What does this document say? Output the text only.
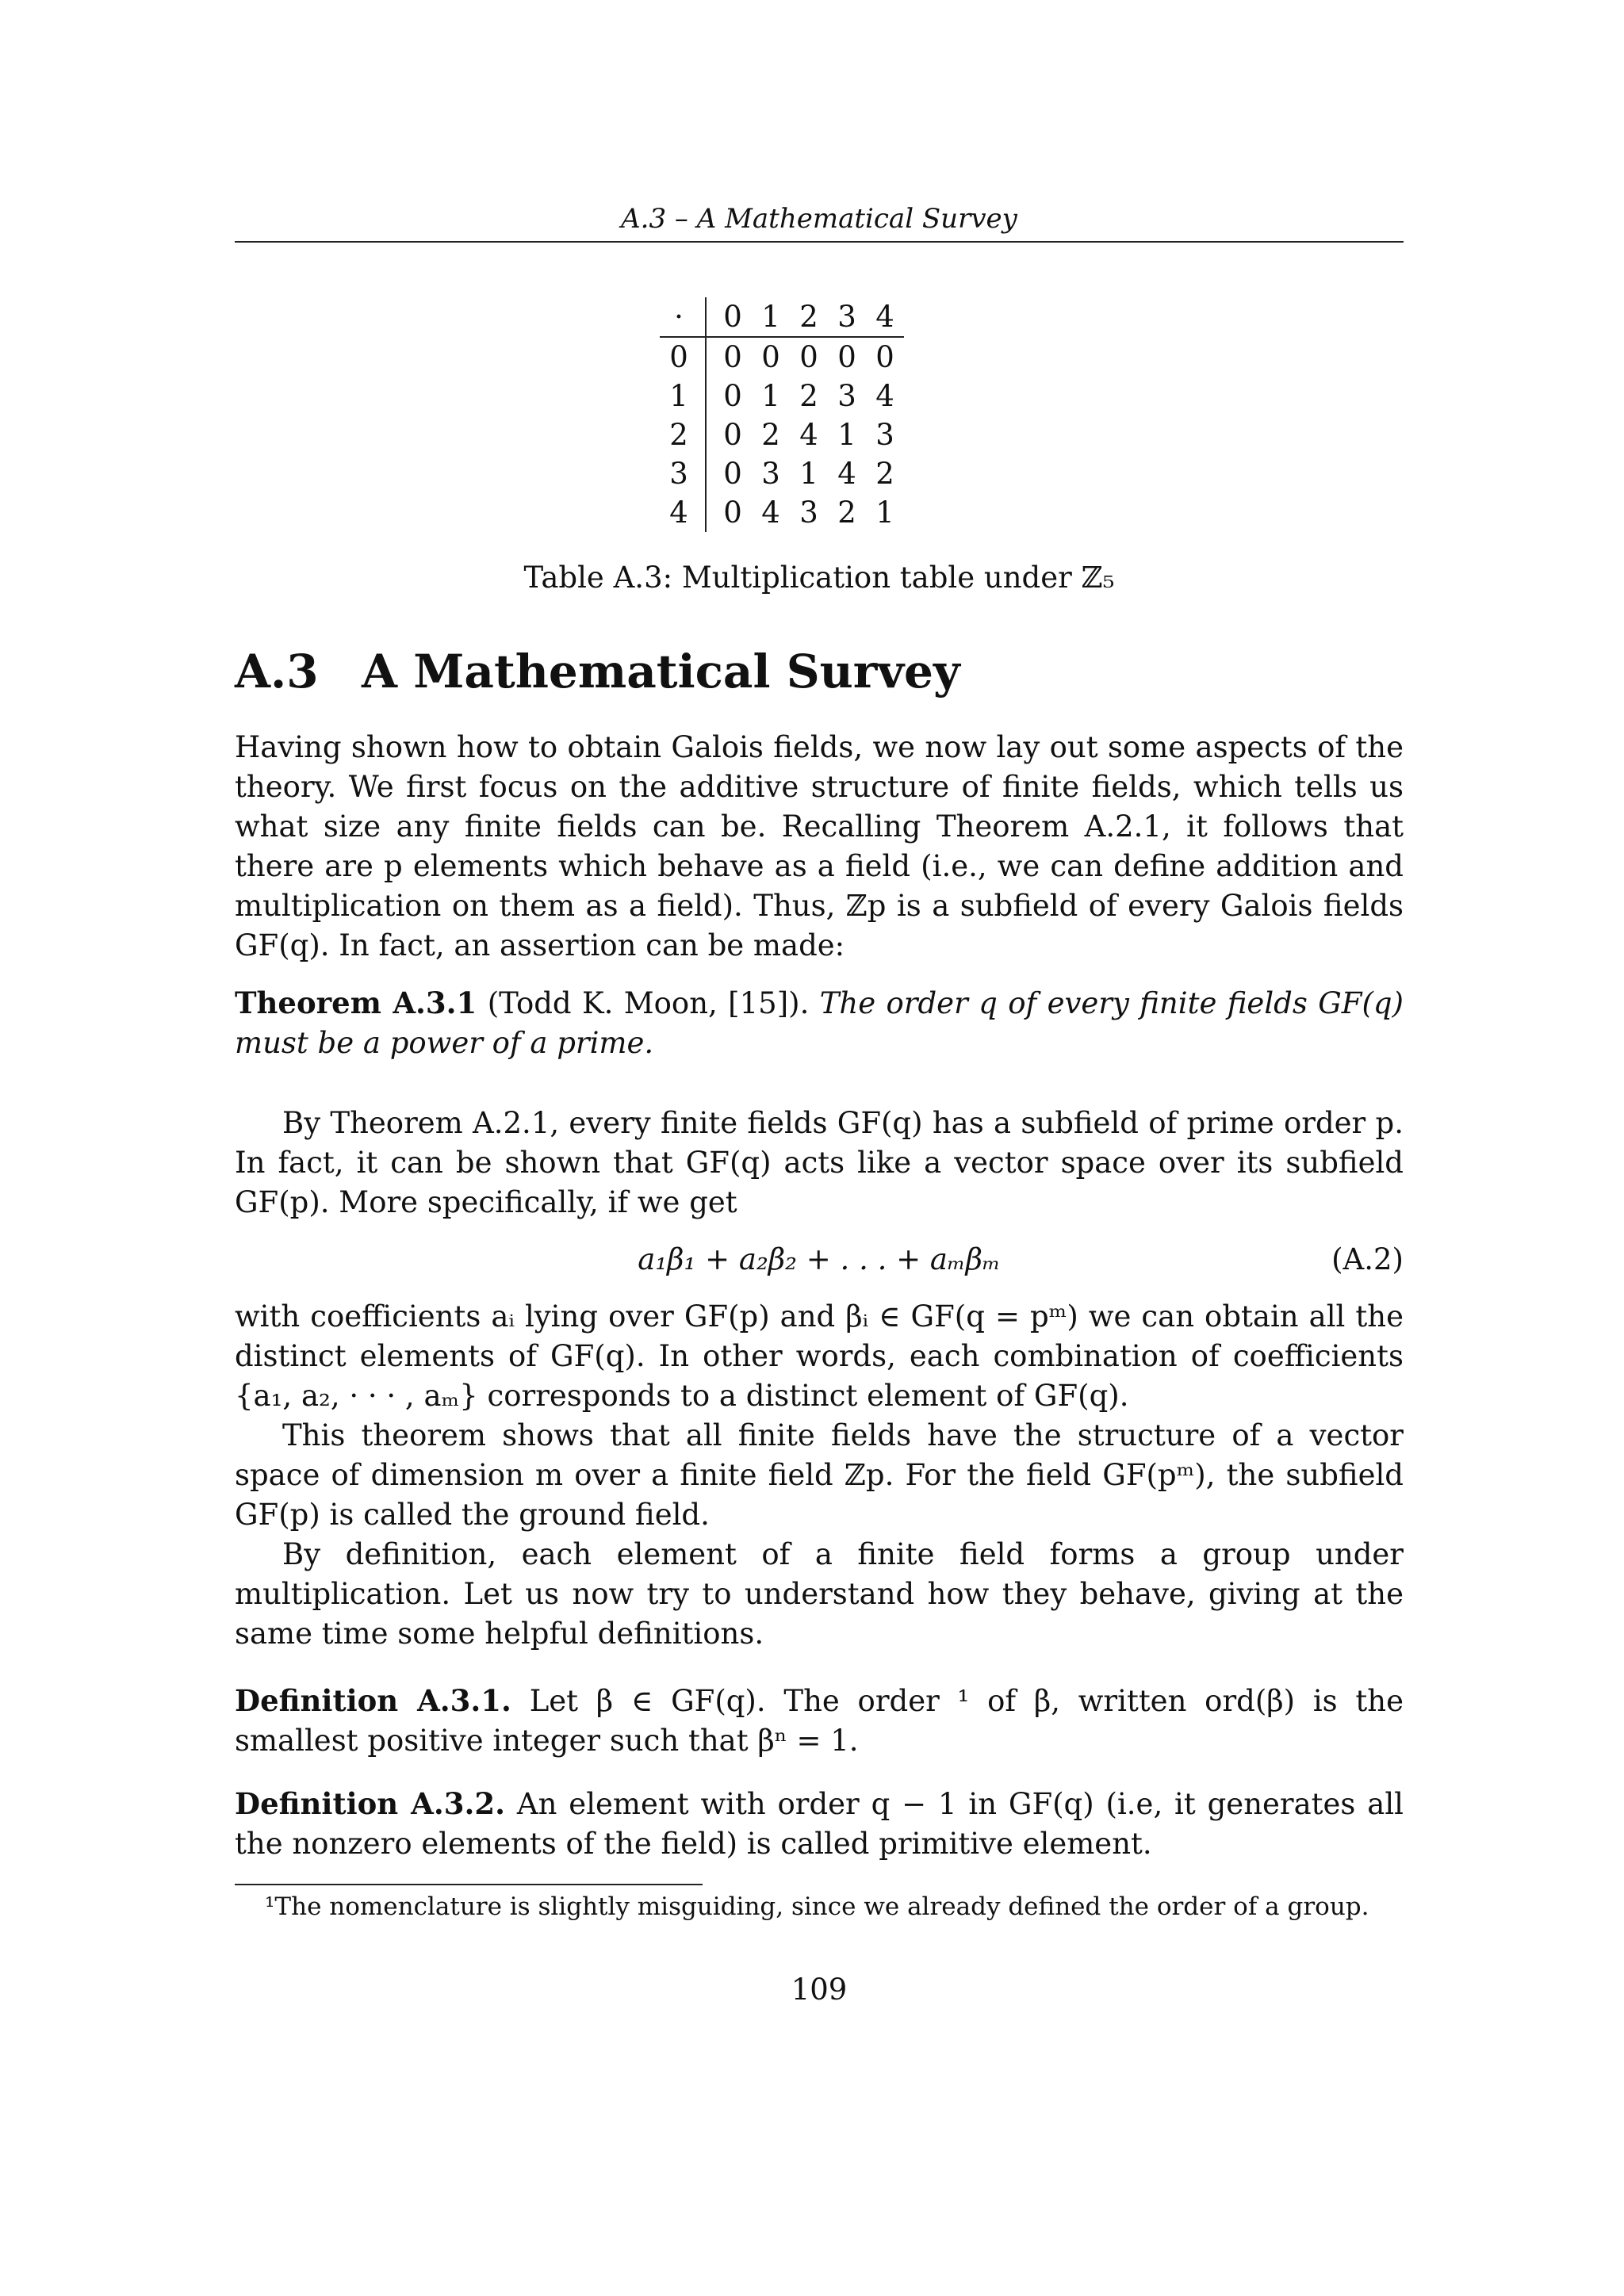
A.3 – A Mathematical Survey
·	0	1	2	3	4
0	0	0	0	0	0
1	0	1	2	3	4
2	0	2	4	1	3
3	0	3	1	4	2
4	0	4	3	2	1
Table A.3: Multiplication table under ℤ₅
A.3 A Mathematical Survey

Having shown how to obtain Galois fields, we now lay out some aspects of the theory. We first focus on the additive structure of finite fields, which tells us what size any finite fields can be. Recalling Theorem A.2.1, it follows that there are p elements which behave as a field (i.e., we can define addition and multiplication on them as a field). Thus, ℤp is a subfield of every Galois fields GF(q). In fact, an assertion can be made:

Theorem A.3.1 (Todd K. Moon, [15]). The order q of every finite fields GF(q) must be a power of a prime.

By Theorem A.2.1, every finite fields GF(q) has a subfield of prime order p. In fact, it can be shown that GF(q) acts like a vector space over its subfield GF(p). More specifically, if we get

a₁β₁ + a₂β₂ + . . . + aₘβₘ	(A.2)

with coefficients aᵢ lying over GF(p) and βᵢ ∈ GF(q = pᵐ) we can obtain all the distinct elements of GF(q). In other words, each combination of coefficients {a₁, a₂, · · · , aₘ} corresponds to a distinct element of GF(q).

This theorem shows that all finite fields have the structure of a vector space of dimension m over a finite field ℤp. For the field GF(pᵐ), the subfield GF(p) is called the ground field.

By definition, each element of a finite field forms a group under multiplication. Let us now try to understand how they behave, giving at the same time some helpful definitions.

Definition A.3.1. Let β ∈ GF(q). The order ¹ of β, written ord(β) is the smallest positive integer such that βⁿ = 1.

Definition A.3.2. An element with order q − 1 in GF(q) (i.e, it generates all the nonzero elements of the field) is called primitive element.

¹The nomenclature is slightly misguiding, since we already defined the order of a group.
109
